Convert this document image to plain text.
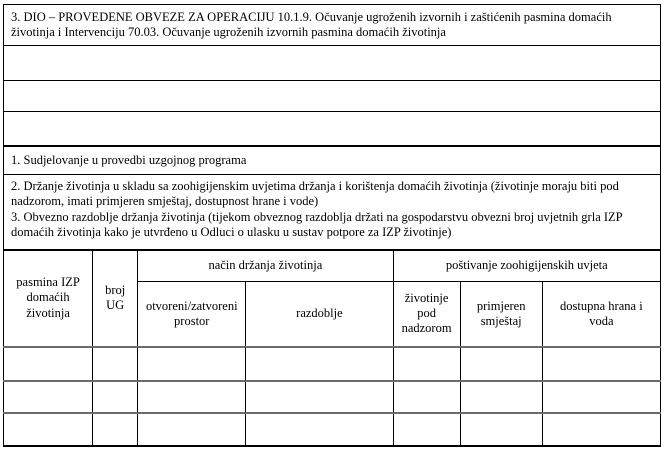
3. DIO – PROVEDENE OBVEZE ZA OPERACIJU 10.1.9. Očuvanje ugroženih izvornih i zaštićenih pasmina domaćih životinja i Intervenciju 70.03. Očuvanje ugroženih izvornih pasmina domaćih životinja						

1. Sudjelovanje u provedbi uzgojnog programa						

2. Držanje životinja u skladu sa zoohigijenskim uvjetima držanja i korištenja domaćih životinja (životinje moraju biti pod nadzorom, imati primjeren smještaj, dostupnost hrane i vode)
3. Obvezno razdoblje držanja životinja (tijekom obveznog razdoblja držati na gospodarstvu obvezni broj uvjetnih grla IZP domaćih životinja kako je utvrđeno u Odluci o ulasku u sustav potpore za IZP životinje)						

pasmina IZP domaćih životinja	broj UG	način držanja životinja		poštivanje zoohigijenskih uvjeta		
		otvoreni/zatvoreni prostor	razdoblje	životinje pod nadzorom	primjeren smještaj	dostupna hrana i voda
